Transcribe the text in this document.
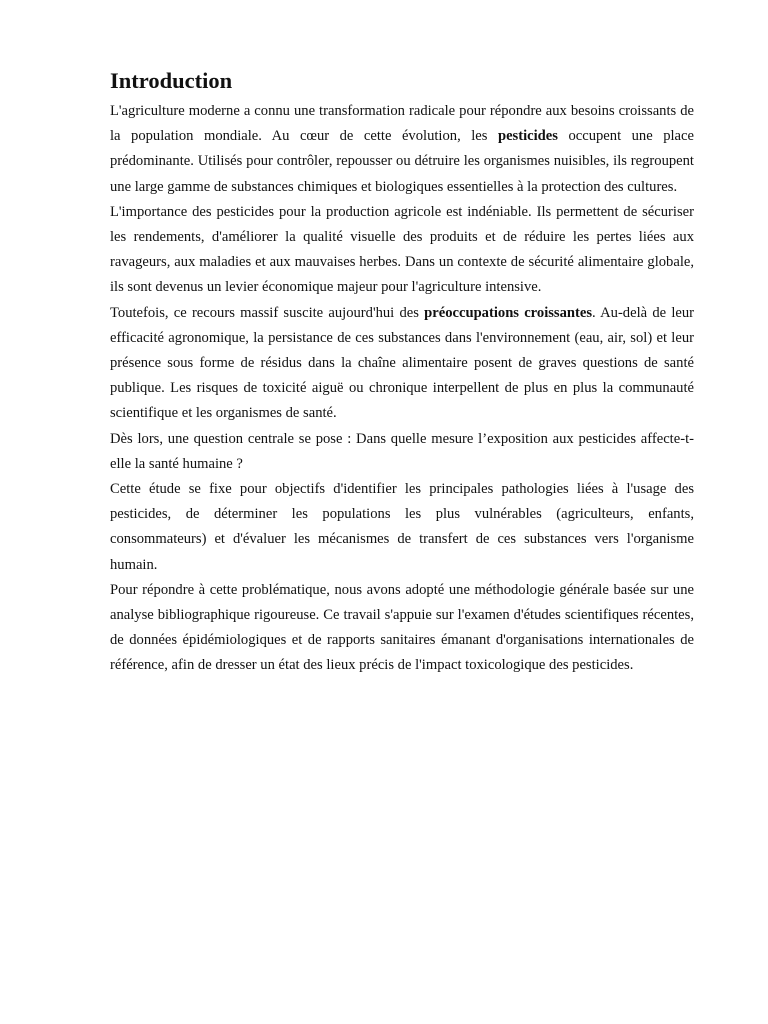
Introduction

L'agriculture moderne a connu une transformation radicale pour répondre aux besoins croissants de la population mondiale. Au cœur de cette évolution, les pesticides occupent une place prédominante. Utilisés pour contrôler, repousser ou détruire les organismes nuisibles, ils regroupent une large gamme de substances chimiques et biologiques essentielles à la protection des cultures.

L'importance des pesticides pour la production agricole est indéniable. Ils permettent de sécuriser les rendements, d'améliorer la qualité visuelle des produits et de réduire les pertes liées aux ravageurs, aux maladies et aux mauvaises herbes. Dans un contexte de sécurité alimentaire globale, ils sont devenus un levier économique majeur pour l'agriculture intensive.

Toutefois, ce recours massif suscite aujourd'hui des préoccupations croissantes. Au-delà de leur efficacité agronomique, la persistance de ces substances dans l'environnement (eau, air, sol) et leur présence sous forme de résidus dans la chaîne alimentaire posent de graves questions de santé publique. Les risques de toxicité aiguë ou chronique interpellent de plus en plus la communauté scientifique et les organismes de santé.

Dès lors, une question centrale se pose : Dans quelle mesure l’exposition aux pesticides affecte-t-elle la santé humaine ?

Cette étude se fixe pour objectifs d'identifier les principales pathologies liées à l'usage des pesticides, de déterminer les populations les plus vulnérables (agriculteurs, enfants, consommateurs) et d'évaluer les mécanismes de transfert de ces substances vers l'organisme humain.

Pour répondre à cette problématique, nous avons adopté une méthodologie générale basée sur une analyse bibliographique rigoureuse. Ce travail s'appuie sur l'examen d'études scientifiques récentes, de données épidémiologiques et de rapports sanitaires émanant d'organisations internationales de référence, afin de dresser un état des lieux précis de l'impact toxicologique des pesticides.
